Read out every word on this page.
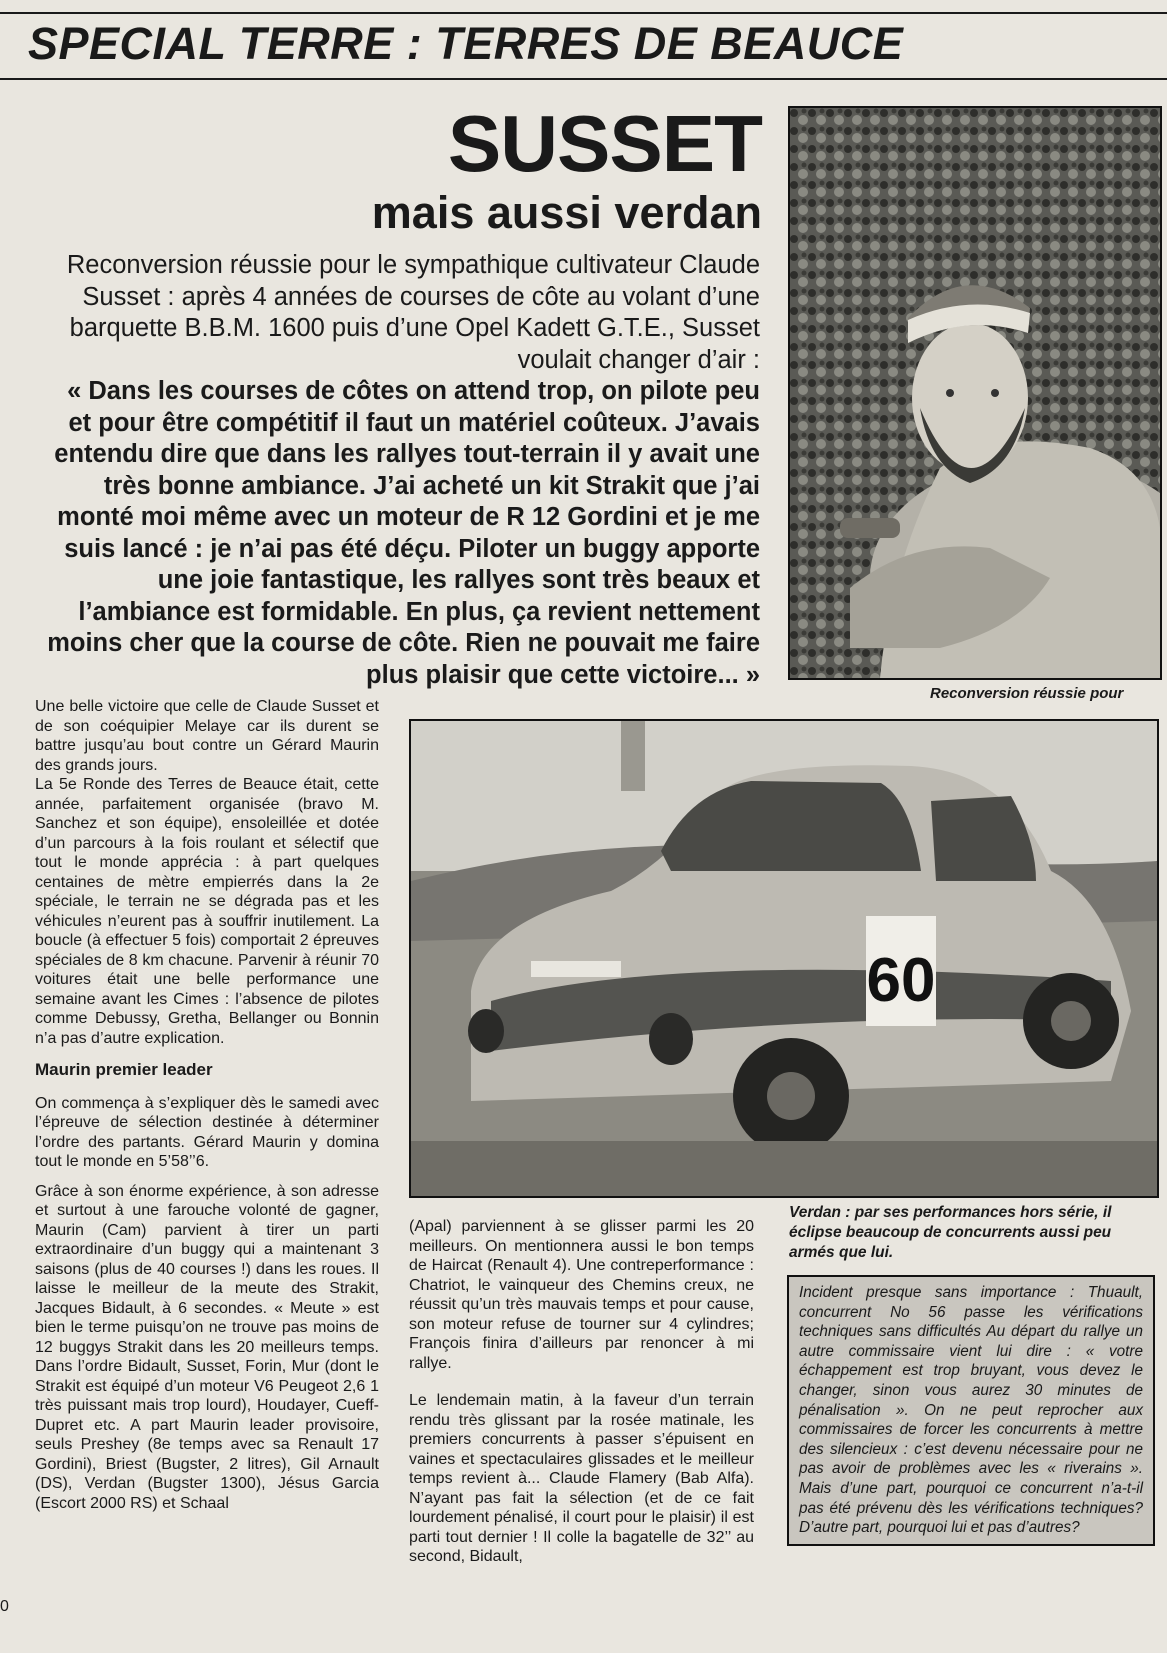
SPECIAL TERRE : TERRES DE BEAUCE
SUSSET
mais aussi verdan

Reconversion réussie pour le sympathique cultivateur Claude Susset : après 4 années de courses de côte au volant d’une barquette B.B.M. 1600 puis d’une Opel Kadett G.T.E., Susset voulait changer d’air :

« Dans les courses de côtes on attend trop, on pilote peu et pour être compétitif il faut un matériel coûteux. J’avais entendu dire que dans les rallyes tout-terrain il y avait une très bonne ambiance. J’ai acheté un kit Strakit que j’ai monté moi même avec un moteur de R 12 Gordini et je me suis lancé : je n’ai pas été déçu. Piloter un buggy apporte une joie fantastique, les rallyes sont très beaux et l’ambiance est formidable. En plus, ça revient nettement moins cher que la course de côte. Rien ne pouvait me faire plus plaisir que cette victoire... »

Reconversion réussie pour
60

Une belle victoire que celle de Claude Susset et de son coéquipier Melaye car ils durent se battre jusqu’au bout contre un Gérard Maurin des grands jours.

La 5e Ronde des Terres de Beauce était, cette année, parfaitement organisée (bravo M. Sanchez et son équipe), ensoleillée et dotée d’un parcours à la fois roulant et sélectif que tout le monde apprécia : à part quelques centaines de mètre empierrés dans la 2e spéciale, le terrain ne se dégrada pas et les véhicules n’eurent pas à souffrir inutilement. La boucle (à effectuer 5 fois) comportait 2 épreuves spéciales de 8 km chacune. Parvenir à réunir 70 voitures était une belle performance une semaine avant les Cimes : l’absence de pilotes comme Debussy, Gretha, Bellanger ou Bonnin n’a pas d’autre explication.

Maurin premier leader

On commença à s’expliquer dès le samedi avec l’épreuve de sélection destinée à déterminer l’ordre des partants. Gérard Maurin y domina tout le monde en 5’58’’6.

Grâce à son énorme expérience, à son adresse et surtout à une farouche volonté de gagner, Maurin (Cam) parvient à tirer un parti extraordinaire d’un buggy qui a maintenant 3 saisons (plus de 40 courses !) dans les roues. Il laisse le meilleur de la meute des Strakit, Jacques Bidault, à 6 secondes. « Meute » est bien le terme puisqu’on ne trouve pas moins de 12 buggys Strakit dans les 20 meilleurs temps. Dans l’ordre Bidault, Susset, Forin, Mur (dont le Strakit est équipé d’un moteur V6 Peugeot 2,6 1 très puissant mais trop lourd), Houdayer, Cueff-Dupret etc. A part Maurin leader provisoire, seuls Preshey (8e temps avec sa Renault 17 Gordini), Briest (Bugster, 2 litres), Gil Arnault (DS), Verdan (Bugster 1300), Jésus Garcia (Escort 2000 RS) et Schaal

(Apal) parviennent à se glisser parmi les 20 meilleurs. On mentionnera aussi le bon temps de Haircat (Renault 4). Une contreperformance : Chatriot, le vainqueur des Chemins creux, ne réussit qu’un très mauvais temps et pour cause, son moteur refuse de tourner sur 4 cylindres; François finira d’ailleurs par renoncer à mi rallye.

Le lendemain matin, à la faveur d’un terrain rendu très glissant par la rosée matinale, les premiers concurrents à passer s’épuisent en vaines et spectaculaires glissades et le meilleur temps revient à... Claude Flamery (Bab Alfa). N’ayant pas fait la sélection (et de ce fait lourdement pénalisé, il court pour le plaisir) il est parti tout dernier ! Il colle la bagatelle de 32’’ au second, Bidault,

Verdan : par ses performances hors série, il éclipse beaucoup de concurrents aussi peu armés que lui.
Incident presque sans importance : Thuault, concurrent No 56 passe les vérifications techniques sans difficultés Au départ du rallye un autre commissaire vient lui dire : « votre échappement est trop bruyant, vous devez le changer, sinon vous aurez 30 minutes de pénalisation ». On ne peut reprocher aux commissaires de forcer les concurrents à mettre des silencieux : c’est devenu nécessaire pour ne pas avoir de problèmes avec les « riverains ». Mais d’une part, pourquoi ce concurrent n’a-t-il pas été prévenu dès les vérifications techniques? D’autre part, pourquoi lui et pas d’autres?
0
